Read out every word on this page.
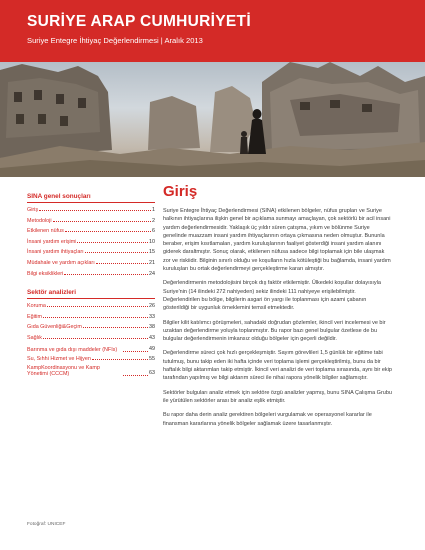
SURİYE ARAP CUMHURİYETİ
Suriye Entegre İhtiyaç Değerlendirmesi | Aralık 2013
SINA genel sonuçları
Giriş	1
Metodoloji	2
Etkilenen nüfus	6
İnsani yardım erişimi	10
İnsani yardım ihtiyaçları	15
Müdahale ve yardım açıkları	21
Bilgi eksiklikleri	24
Sektör analizleri
Koruma	26
Eğitim	33
Gıda Güvenliği&Geçim	38
Sağlık	43
Barınma ve gıda dışı maddeler (NFIs)	49
Su, Sıhhi Hizmet ve Hijyen	55
KampKoordinasyonu ve Kamp Yönetimi (CCCM)	63
Giriş

Suriye Entegre İhtiyaç Değerlendirmesi (SINA) etkilenen bölgeler, nüfus grupları ve Suriye halkının ihtiyaçlarına ilişkin genel bir açıklama sunmayı amaçlayan, çok sektörlü bir acil insani yardım değerlendirmesidir. Yaklaşık üç yıldır süren çatışma, yıkım ve bölünme Suriye genelinde muazzam insani yardım ihtiyaçlarının ortaya çıkmasına neden olmuştur. Bununla beraber, erişim kısıtlamaları, yardım kuruluşlarının faaliyet gösterdiği insani yardım alanını giderek daraltmıştır. Sonuç olarak, etkilenen nüfusa sadece bilgi toplamak için bile ulaşmak zor ve riskiidir. Bilginin sınırlı olduğu ve koşulların hızla kötüleştiği bu bağlamda, insani yardım kuruluşları bu ortak değerlendirmeyi gerçekleştirme kararı almıştır.

Değerlendirmenin metodolojisini birçok dış faktör etkilemiştir. Ülkedeki koşullar dolayısıyla Suriye'nin (14 ilindeki 272 nahiyeden) sekiz ilindeki 111 nahiyeye erişilebilmiştir. Değerlendirilen bu bölge, bilgilerin asgari ön yargı ile toplanması için azami çabanın gösterildiği bir uygunluk örneklemini temsil etmektedir.

Bilgiler kilit katılımcı görüşmeleri, sahadaki doğrudan gözlemler, ikincil veri incelemesi ve bir uzaktan değerlendirme yoluyla toplanmıştır. Bu rapor bazı genel bulgular özetlese de bu bulgular değerlendirmenin imkansız olduğu bölgeler için geçerli değildir.

Değerlendirme süreci çok hızlı gerçekleşmiştir. Sayım görevlileri 1,5 günlük bir eğitime tabi tutulmuş, bunu takip eden iki hafta içinde veri toplama işlemi gerçekleştirilmiş, bunu da bir haftalık bilgi aktarımları takip etmiştir. İkincil veri analizi de veri toplama sırasında, aynı bir ekip tarafından yapılmış ve bilgi aktarım süreci ile nihai rapora yönelik bilgiler sağlamıştır.

Sektörler bulguları analiz etmek için sektöre özgü analizler yapmış, bunu SINA Çalışma Grubu ile yürütülen sektörler arası bir analiz eşlik etmiştir.

Bu rapor daha derin analiz gerektiren bölgeleri vurgulamak ve operasyonel kararlar ile finansman kararlarına yönelik bölgeler sağlamak üzere tasarlanmıştır.

Fotoğraf: UNICEF
